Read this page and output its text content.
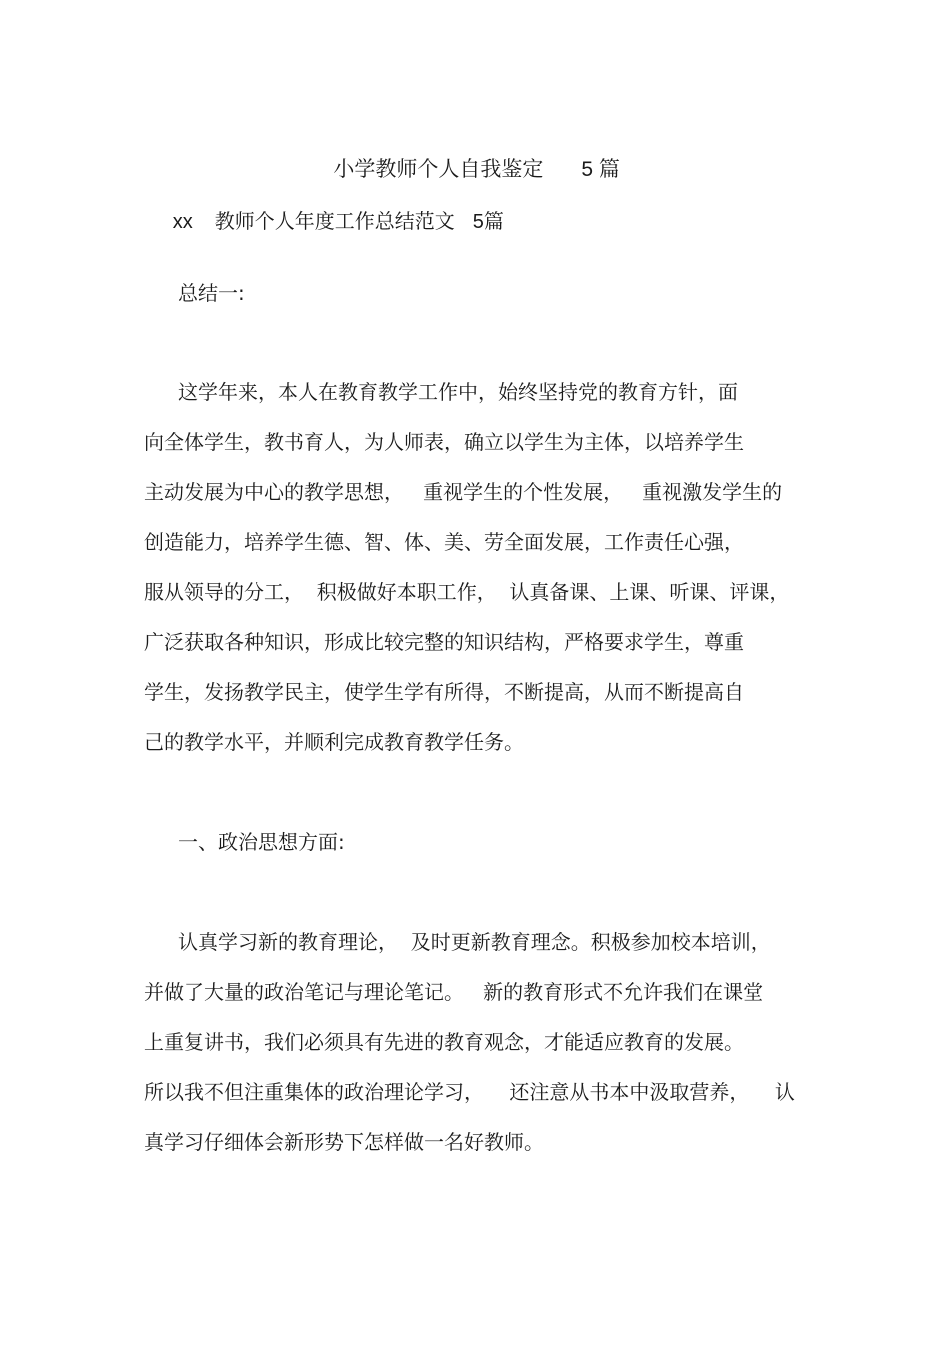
小学教师个人自我鉴定 5 篇

xx 教师个人年度工作总结范文 5篇

总结一:
这学年来，本人在教育教学工作中，始终坚持党的教育方针，面
向全体学生，教书育人，为人师表，确立以学生为主体，以培养学生
主动发展为中心的教学思想，   重视学生的个性发展，   重视激发学生的
创造能力，培养学生德、智、体、美、劳全面发展，工作责任心强，
服从领导的分工，  积极做好本职工作，  认真备课、上课、听课、评课，
广泛获取各种知识，形成比较完整的知识结构，严格要求学生，尊重
学生，发扬教学民主，使学生学有所得，不断提高，从而不断提高自
己的教学水平，并顺利完成教育教学任务。
一、政治思想方面:
认真学习新的教育理论，  及时更新教育理念。积极参加校本培训，
并做了大量的政治笔记与理论笔记。   新的教育形式不允许我们在课堂
上重复讲书，我们必须具有先进的教育观念，才能适应教育的发展。
所以我不但注重集体的政治理论学习，    还注意从书本中汲取营养，    认
真学习仔细体会新形势下怎样做一名好教师。
